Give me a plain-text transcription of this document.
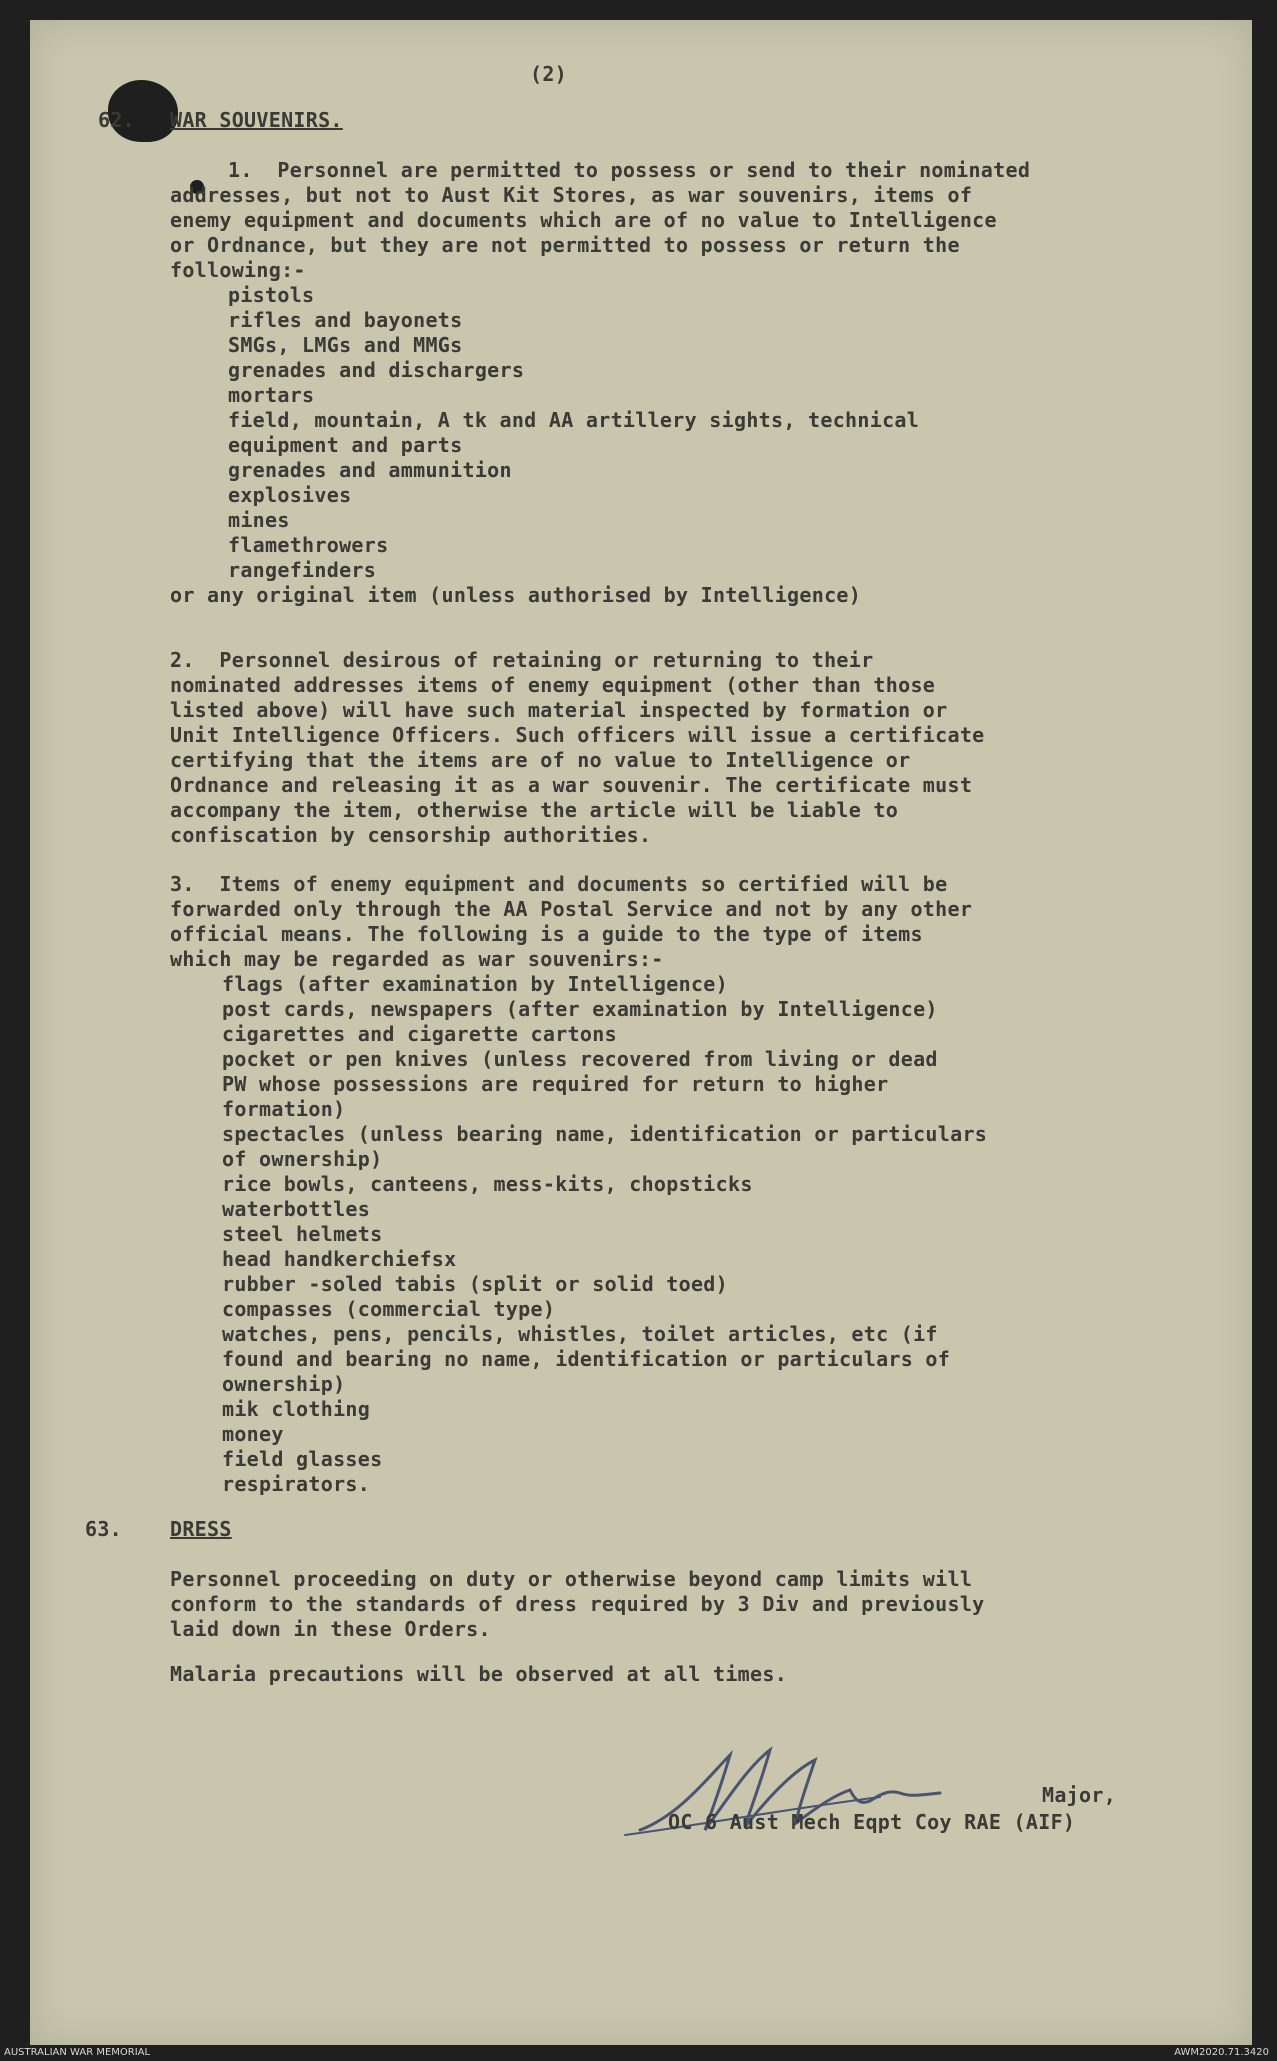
(2)
62. WAR SOUVENIRS.
1.  Personnel are permitted to possess or send to their nominated
addresses, but not to Aust Kit Stores, as war souvenirs, items of
enemy equipment and documents which are of no value to Intelligence
or Ordnance, but they are not permitted to possess or return the
following:-
pistols
rifles and bayonets
SMGs, LMGs and MMGs
grenades and dischargers
mortars
field, mountain, A tk and AA artillery sights, technical
equipment and parts
grenades and ammunition
explosives
mines
flamethrowers
rangefinders
or any original item (unless authorised by Intelligence)
2.  Personnel desirous of retaining or returning to their
nominated addresses items of enemy equipment (other than those
listed above) will have such material inspected by formation or
Unit Intelligence Officers. Such officers will issue a certificate
certifying that the items are of no value to Intelligence or
Ordnance and releasing it as a war souvenir. The certificate must
accompany the item, otherwise the article will be liable to
confiscation by censorship authorities.
3.  Items of enemy equipment and documents so certified will be
forwarded only through the AA Postal Service and not by any other
official means. The following is a guide to the type of items
which may be regarded as war souvenirs:-
flags (after examination by Intelligence)
post cards, newspapers (after examination by Intelligence)
cigarettes and cigarette cartons
pocket or pen knives (unless recovered from living or dead
PW whose possessions are required for return to higher
formation)
spectacles (unless bearing name, identification or particulars
of ownership)
rice bowls, canteens, mess-kits, chopsticks
waterbottles
steel helmets
head handkerchiefsx
rubber -soled tabis (split or solid toed)
compasses (commercial type)
watches, pens, pencils, whistles, toilet articles, etc (if
found and bearing no name, identification or particulars of
ownership)
mik clothing
money
field glasses
respirators.
63. DRESS
Personnel proceeding on duty or otherwise beyond camp limits will
conform to the standards of dress required by 3 Div and previously
laid down in these Orders.
Malaria precautions will be observed at all times.
Major,
OC 6 Aust Mech Eqpt Coy RAE (AIF)
AUSTRALIAN WAR MEMORIAL	AWM2020.71.3420
